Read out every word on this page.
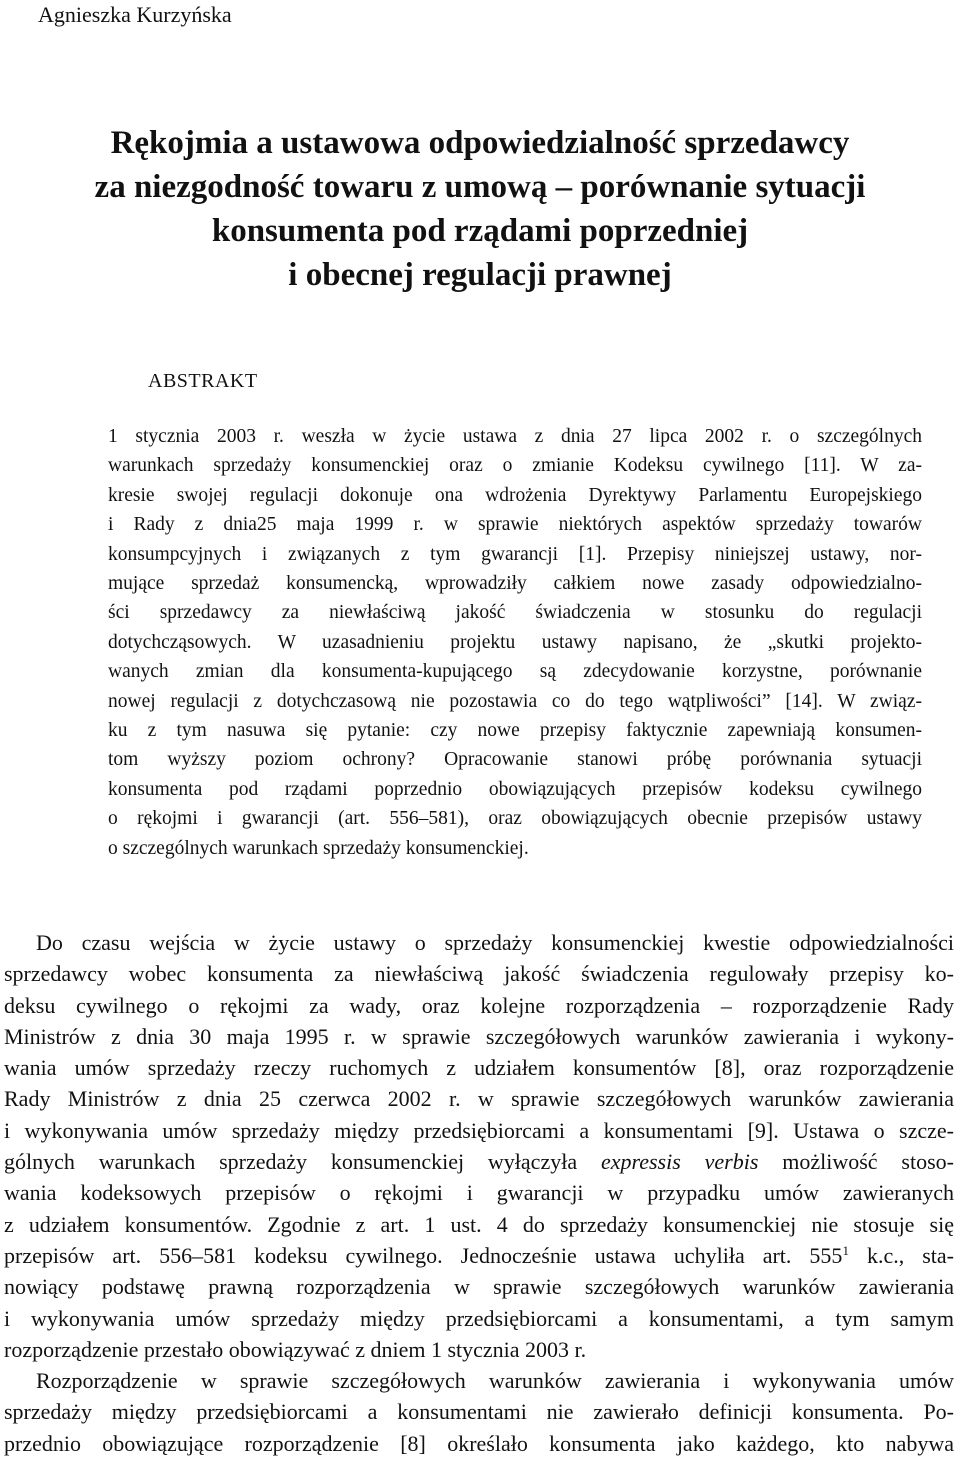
Agnieszka Kurzyńska
Rękojmia a ustawowa odpowiedzialność sprzedawcy
za niezgodność towaru z umową – porównanie sytuacji
konsumenta pod rządami poprzedniej
i obecnej regulacji prawnej
ABSTRAKT

1 stycznia 2003 r. weszła w życie ustawa z dnia 27 lipca 2002 r. o szczególnych
warunkach sprzedaży konsumenckiej oraz o zmianie Kodeksu cywilnego [11]. W za-
kresie swojej regulacji dokonuje ona wdrożenia Dyrektywy Parlamentu Europejskiego
i Rady z dnia25 maja 1999 r. w sprawie niektórych aspektów sprzedaży towarów
konsumpcyjnych i związanych z tym gwarancji [1]. Przepisy niniejszej ustawy, nor-
mujące sprzedaż konsumencką, wprowadziły całkiem nowe zasady odpowiedzialno-
ści sprzedawcy za niewłaściwą jakość świadczenia w stosunku do regulacji
dotychcząsowych. W uzasadnieniu projektu ustawy napisano, że „skutki projekto-
wanych zmian dla konsumenta-kupującego są zdecydowanie korzystne, porównanie
nowej regulacji z dotychczasową nie pozostawia co do tego wątpliwości” [14]. W związ-
ku z tym nasuwa się pytanie: czy nowe przepisy faktycznie zapewniają konsumen-
tom wyższy poziom ochrony? Opracowanie stanowi próbę porównania sytuacji
konsumenta pod rządami poprzednio obowiązujących przepisów kodeksu cywilnego
o rękojmi i gwarancji (art. 556–581), oraz obowiązujących obecnie przepisów ustawy
o szczególnych warunkach sprzedaży konsumenckiej.

Do czasu wejścia w życie ustawy o sprzedaży konsumenckiej kwestie odpowiedzialności
sprzedawcy wobec konsumenta za niewłaściwą jakość świadczenia regulowały przepisy ko-
deksu cywilnego o rękojmi za wady, oraz kolejne rozporządzenia – rozporządzenie Rady
Ministrów z dnia 30 maja 1995 r. w sprawie szczegółowych warunków zawierania i wykony-
wania umów sprzedaży rzeczy ruchomych z udziałem konsumentów [8], oraz rozporządzenie
Rady Ministrów z dnia 25 czerwca 2002 r. w sprawie szczegółowych warunków zawierania
i wykonywania umów sprzedaży między przedsiębiorcami a konsumentami [9]. Ustawa o szcze-
gólnych warunkach sprzedaży konsumenckiej wyłączyła expressis verbis możliwość stoso-
wania kodeksowych przepisów o rękojmi i gwarancji w przypadku umów zawieranych
z udziałem konsumentów. Zgodnie z art. 1 ust. 4 do sprzedaży konsumenckiej nie stosuje się
przepisów art. 556–581 kodeksu cywilnego. Jednocześnie ustawa uchyliła art. $555^1$ k.c., sta-
nowiący podstawę prawną rozporządzenia w sprawie szczegółowych warunków zawierania
i wykonywania umów sprzedaży między przedsiębiorcami a konsumentami, a tym samym
rozporządzenie przestało obowiązywać z dniem 1 stycznia 2003 r.
Rozporządzenie w sprawie szczegółowych warunków zawierania i wykonywania umów
sprzedaży między przedsiębiorcami a konsumentami nie zawierało definicji konsumenta. Po-
przednio obowiązujące rozporządzenie [8] określało konsumenta jako każdego, kto nabywa
